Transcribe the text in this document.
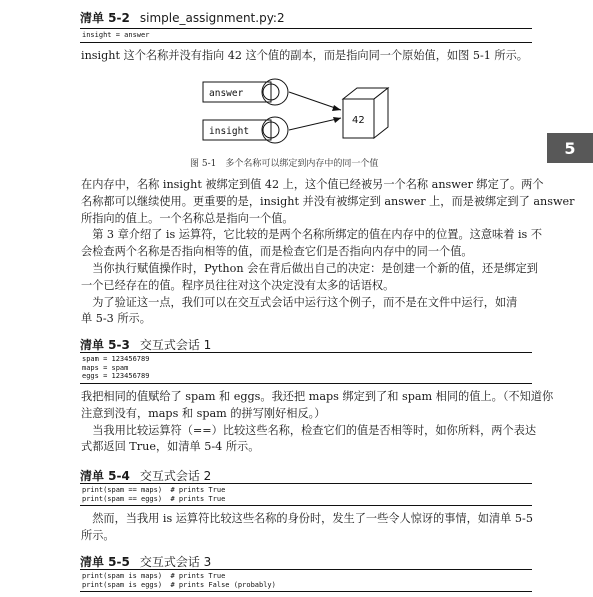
清单 5-2 simple_assignment.py:2
insight = answer
insight 这个名称并没有指向 42 这个值的副本，而是指向同一个原始值，如图 5-1 所示。
answer
insight
42
图 5-1　多个名称可以绑定到内存中的同一个值
在内存中，名称 insight 被绑定到值 42 上，这个值已经被另一个名称 answer 绑定了。两个
名称都可以继续使用。更重要的是，insight 并没有被绑定到 answer 上，而是被绑定到了 answer
所指向的值上。一个名称总是指向一个值。
　第 3 章介绍了 is 运算符，它比较的是两个名称所绑定的值在内存中的位置。这意味着 is 不
会检查两个名称是否指向相等的值，而是检查它们是否指向内存中的同一个值。
　当你执行赋值操作时，Python 会在背后做出自己的决定：是创建一个新的值，还是绑定到
一个已经存在的值。程序员往往对这个决定没有太多的话语权。
　为了验证这一点，我们可以在交互式会话中运行这个例子，而不是在文件中运行，如清
单 5-3 所示。
清单 5-3 交互式会话 1
spam = 123456789
maps = spam
eggs = 123456789
我把相同的值赋给了 spam 和 eggs。我还把 maps 绑定到了和 spam 相同的值上。（不知道你
注意到没有，maps 和 spam 的拼写刚好相反。）
　当我用比较运算符（==）比较这些名称，检查它们的值是否相等时，如你所料，两个表达
式都返回 True，如清单 5-4 所示。
清单 5-4 交互式会话 2
print(spam == maps)  # prints True
print(spam == eggs)  # prints True
　然而，当我用 is 运算符比较这些名称的身份时，发生了一些令人惊讶的事情，如清单 5-5
所示。
清单 5-5 交互式会话 3
print(spam is maps)  # prints True
print(spam is eggs)  # prints False (probably)
5
